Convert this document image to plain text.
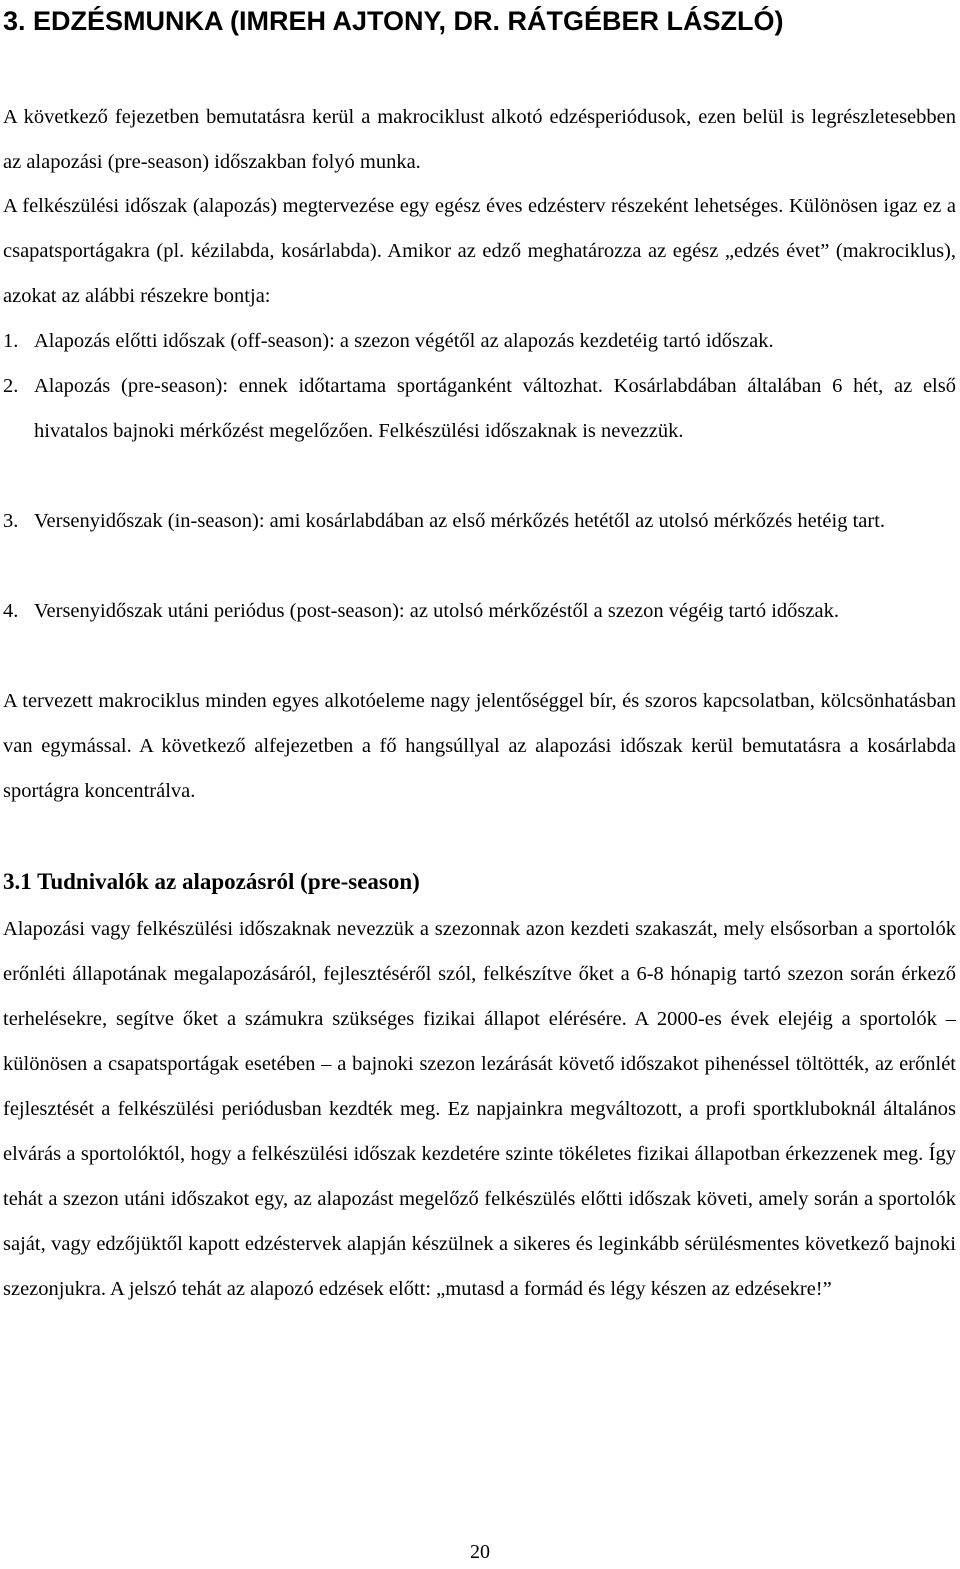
3. EDZÉSMUNKA (IMREH AJTONY, DR. RÁTGÉBER LÁSZLÓ)

A következő fejezetben bemutatásra kerül a makrociklust alkotó edzésperiódusok, ezen belül is legrészletesebben az alapozási (pre-season) időszakban folyó munka.

A felkészülési időszak (alapozás) megtervezése egy egész éves edzésterv részeként lehetséges. Különösen igaz ez a csapatsportágakra (pl. kézilabda, kosárlabda). Amikor az edző meghatározza az egész „edzés évet” (makrociklus), azokat az alábbi részekre bontja:

1. Alapozás előtti időszak (off-season): a szezon végétől az alapozás kezdetéig tartó időszak.
2. Alapozás (pre-season): ennek időtartama sportáganként változhat. Kosárlabdában általában 6 hét, az első hivatalos bajnoki mérkőzést megelőzően. Felkészülési időszaknak is nevezzük.
3. Versenyidőszak (in-season): ami kosárlabdában az első mérkőzés hetétől az utolsó mérkőzés hetéig tart.
4. Versenyidőszak utáni periódus (post-season): az utolsó mérkőzéstől a szezon végéig tartó időszak.

A tervezett makrociklus minden egyes alkotóeleme nagy jelentőséggel bír, és szoros kapcsolatban, kölcsönhatásban van egymással. A következő alfejezetben a fő hangsúllyal az alapozási időszak kerül bemutatásra a kosárlabda sportágra koncentrálva.

3.1 Tudnivalók az alapozásról (pre-season)

Alapozási vagy felkészülési időszaknak nevezzük a szezonnak azon kezdeti szakaszát, mely elsősorban a sportolók erőnléti állapotának megalapozásáról, fejlesztéséről szól, felkészítve őket a 6-8 hónapig tartó szezon során érkező terhelésekre, segítve őket a számukra szükséges fizikai állapot elérésére. A 2000-es évek elejéig a sportolók – különösen a csapatsportágak esetében – a bajnoki szezon lezárását követő időszakot pihenéssel töltötték, az erőnlét fejlesztését a felkészülési periódusban kezdték meg. Ez napjainkra megváltozott, a profi sportkluboknál általános elvárás a sportolóktól, hogy a felkészülési időszak kezdetére szinte tökéletes fizikai állapotban érkezzenek meg. Így tehát a szezon utáni időszakot egy, az alapozást megelőző felkészülés előtti időszak követi, amely során a sportolók saját, vagy edzőjüktől kapott edzéstervek alapján készülnek a sikeres és leginkább sérülésmentes következő bajnoki szezonjukra. A jelszó tehát az alapozó edzések előtt: „mutasd a formád és légy készen az edzésekre!”

20
